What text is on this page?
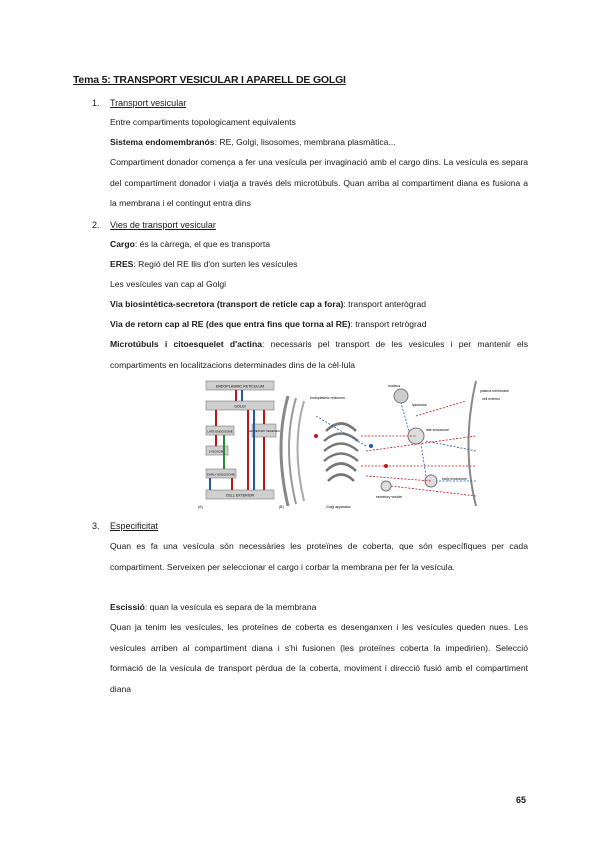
Tema 5: TRANSPORT VESICULAR I APARELL DE GOLGI
1. Transport vesicular
Entre compartiments topologicament equivalents
Sistema endomembranós: RE, Golgi, lisosomes, membrana plasmàtica...
Compartiment donador comença a fer una vesícula per invaginació amb el cargo dins. La vesícula es separa del compartiment donador i viatja a través dels microtúbuls. Quan arriba al compartiment diana es fusiona a la membrana i el contingut entra dins
2. Vies de transport vesicular
Cargo: és la càrrega, el que es transporta
ERES: Regió del RE llis d'on surten les vesícules
Les vesícules van cap al Golgi
Via biosintètica-secretora (transport de reticle cap a fora): transport anterògrad
Via de retorn cap al RE (des que entra fins que torna al RE): transport retrògrad
Microtúbuls i citoesquelet d'actina: necessaris pel transport de les vesícules i per mantenir els compartiments en localitzacions determinades dins de la cèl·lula
ENDOPLASMIC RETICULUM
GOLGI
LATE ENDOSOME
LYSOSOME
EARLY ENDOSOME
SECRETORY VESICLES
CELL EXTERIOR
(A)
nucleus
endoplasmic reticulum
Golgi apparatus
lysosome
early endosome
late endosome
plasma membrane
cell exterior
secretory vesicle
(B)
3. Especificitat
Quan es fa una vesícula són necessàries les proteïnes de coberta, que són específiques per cada compartiment. Serveixen per seleccionar el cargo i corbar la membrana per fer la vesícula.
Escissió: quan la vesícula es separa de la membrana
Quan ja tenim les vesícules, les proteïnes de coberta es desenganxen i les vesícules queden nues. Les vesícules arriben al compartiment diana i s'hi fusionen (les proteïnes coberta la impedirien). Selecció formació de la vesícula de transport pèrdua de la coberta, moviment i direcció fusió amb el compartiment diana
65
